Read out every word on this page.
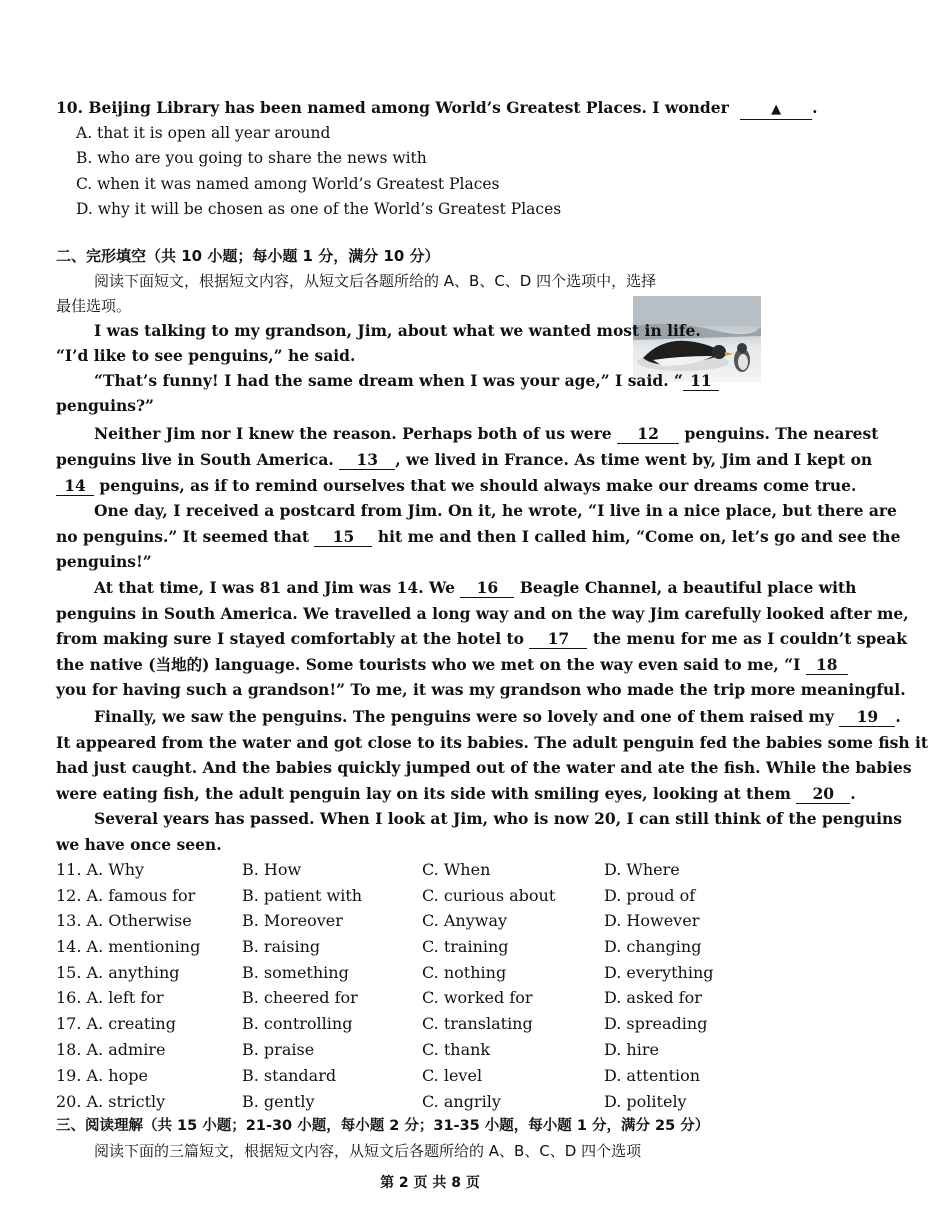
10. Beijing Library has been named among World’s Greatest Places. I wonder	▲ .
A. that it is open all year around
B. who are you going to share the news with
C. when it was named among World’s Greatest Places
D. why it will be chosen as one of the World’s Greatest Places
二、完形填空（共 10 小题；每小题 1 分，满分 10 分）
阅读下面短文，根据短文内容，从短文后各题所给的 A、B、C、D 四个选项中，选择
最佳选项。
I was talking to my grandson, Jim, about what we wanted most in life.
“I’d like to see penguins,” he said.
“That’s funny! I had the same dream when I was your age,” I said. “ 11
penguins?”
Neither Jim nor I knew the reason. Perhaps both of us were 12 penguins. The nearest
penguins live in South America. 13 , we lived in France. As time went by, Jim and I kept on
14 penguins, as if to remind ourselves that we should always make our dreams come true.
One day, I received a postcard from Jim. On it, he wrote, “I live in a nice place, but there are
no penguins.” It seemed that 15 hit me and then I called him, “Come on, let’s go and see the
penguins!”
At that time, I was 81 and Jim was 14. We 16 Beagle Channel, a beautiful place with
penguins in South America. We travelled a long way and on the way Jim carefully looked after me,
from making sure I stayed comfortably at the hotel to 17 the menu for me as I couldn’t speak
the native (当地的) language. Some tourists who we met on the way even said to me, “I 18
you for having such a grandson!” To me, it was my grandson who made the trip more meaningful.
Finally, we saw the penguins. The penguins were so lovely and one of them raised my 19 .
It appeared from the water and got close to its babies. The adult penguin fed the babies some fish it
had just caught. And the babies quickly jumped out of the water and ate the fish. While the babies
were eating fish, the adult penguin lay on its side with smiling eyes, looking at them 20 .
Several years has passed. When I look at Jim, who is now 20, I can still think of the penguins
we have once seen.
11. A. Why	B. How	C. When	D. Where
12. A. famous for	B. patient with	C. curious about	D. proud of
13. A. Otherwise	B. Moreover	C. Anyway	D. However
14. A. mentioning	B. raising	C. training	D. changing
15. A. anything	B. something	C. nothing	D. everything
16. A. left for	B. cheered for	C. worked for	D. asked for
17. A. creating	B. controlling	C. translating	D. spreading
18. A. admire	B. praise	C. thank	D. hire
19. A. hope	B. standard	C. level	D. attention
20. A. strictly	B. gently	C. angrily	D. politely
三、阅读理解（共 15 小题；21-30 小题，每小题 2 分；31-35 小题，每小题 1 分，满分 25 分）
阅读下面的三篇短文，根据短文内容，从短文后各题所给的 A、B、C、D 四个选项
第 2 页 共 8 页
